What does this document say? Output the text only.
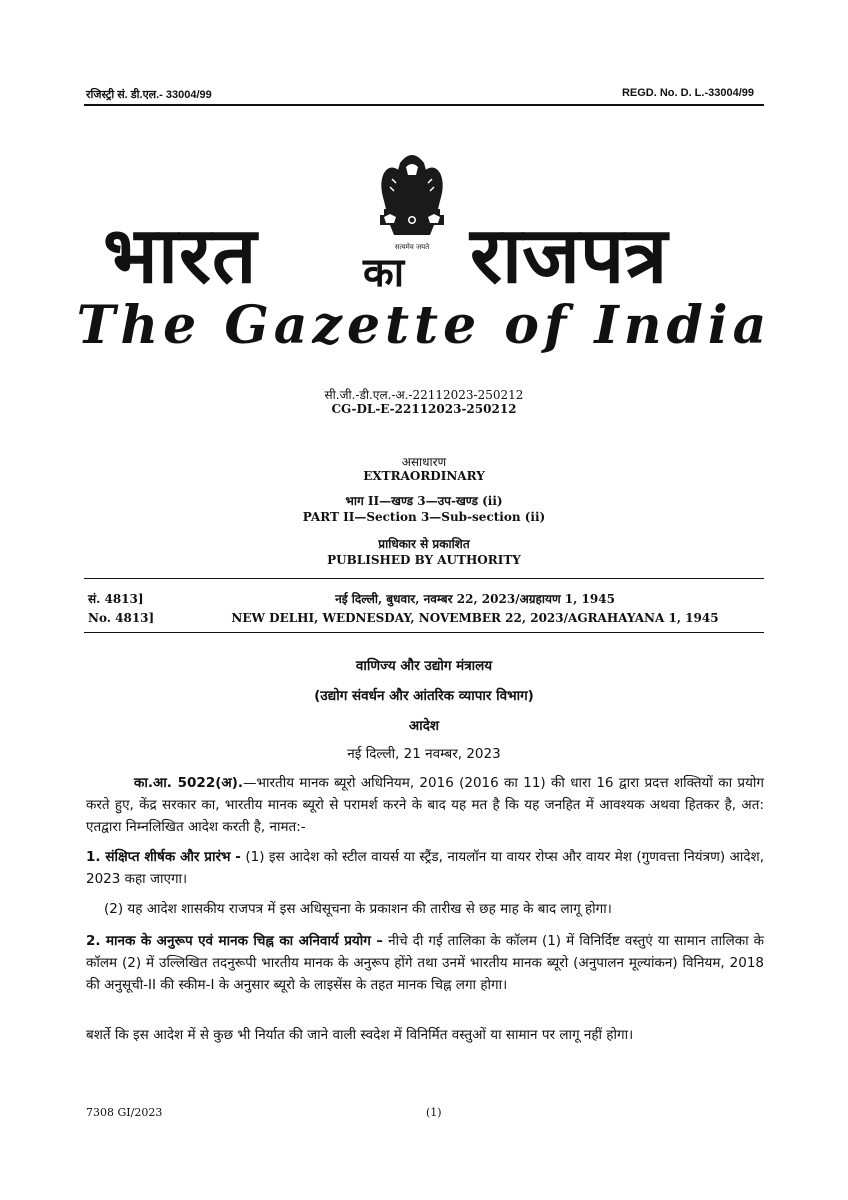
रजिस्ट्री सं. डी.एल.- 33004/99	REGD. No. D. L.-33004/99
सत्यमेव जयते
भारत	का राजपत्र
The Gazette of India
सी.जी.-डी.एल.-अ.-22112023-250212
CG-DL-E-22112023-250212
असाधारण
EXTRAORDINARY
भाग II—खण्ड 3—उप-खण्ड (ii)
PART II—Section 3—Sub-section (ii)
प्राधिकार से प्रकाशित
PUBLISHED BY AUTHORITY
सं. 4813]	नई दिल्ली, बुधवार, नवम्बर 22, 2023/अग्रहायण 1, 1945
No. 4813]	NEW DELHI, WEDNESDAY, NOVEMBER 22, 2023/AGRAHAYANA 1, 1945
वाणिज्य और उद्योग मंत्रालय
(उद्योग संवर्धन और आंतरिक व्यापार विभाग)
आदेश
नई दिल्ली, 21 नवम्बर, 2023
का.आ. 5022(अ).—भारतीय मानक ब्यूरो अधिनियम, 2016 (2016 का 11) की धारा 16 द्वारा प्रदत्त शक्तियों का प्रयोग करते हुए, केंद्र सरकार का, भारतीय मानक ब्यूरो से परामर्श करने के बाद यह मत है कि यह जनहित में आवश्यक अथवा हितकर है, अत: एतद्वारा निम्नलिखित आदेश करती है, नामत:-
1. संक्षिप्त शीर्षक और प्रारंभ - (1) इस आदेश को स्टील वायर्स या स्ट्रैंड, नायलॉन या वायर रोप्स और वायर मेश (गुणवत्ता नियंत्रण) आदेश, 2023 कहा जाएगा।
(2) यह आदेश शासकीय राजपत्र में इस अधिसूचना के प्रकाशन की तारीख से छह माह के बाद लागू होगा।
2. मानक के अनुरूप एवं मानक चिह्न का अनिवार्य प्रयोग – नीचे दी गई तालिका के कॉलम (1) में विनिर्दिष्ट वस्तुएं या सामान तालिका के कॉलम (2) में उल्लिखित तदनुरूपी भारतीय मानक के अनुरूप होंगे तथा उनमें भारतीय मानक ब्यूरो (अनुपालन मूल्यांकन) विनियम, 2018 की अनुसूची-II की स्कीम-I के अनुसार ब्यूरो के लाइसेंस के तहत मानक चिह्न लगा होगा।
बशर्ते कि इस आदेश में से कुछ भी निर्यात की जाने वाली स्वदेश में विनिर्मित वस्तुओं या सामान पर लागू नहीं होगा।
7308 GI/2023	(1)
